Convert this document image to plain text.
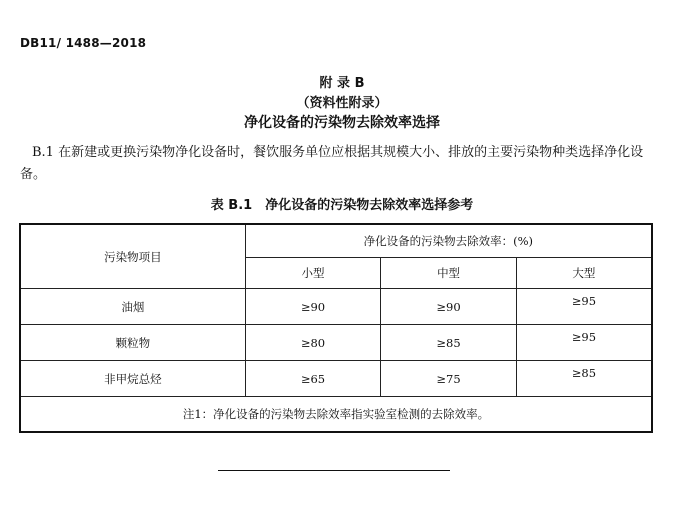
DB11/ 1488—2018
附 录 B
（资料性附录）
净化设备的污染物去除效率选择

B.1 在新建或更换污染物净化设备时，餐饮服务单位应根据其规模大小、排放的主要污染物种类选择净化设备。

表 B.1　净化设备的污染物去除效率选择参考
污染物项目	净化设备的污染物去除效率：(%)		
	小型	中型	大型
油烟	≥90	≥90	≥95
颗粒物	≥80	≥85	≥95
非甲烷总烃	≥65	≥75	≥85
注1：净化设备的污染物去除效率指实验室检测的去除效率。			
